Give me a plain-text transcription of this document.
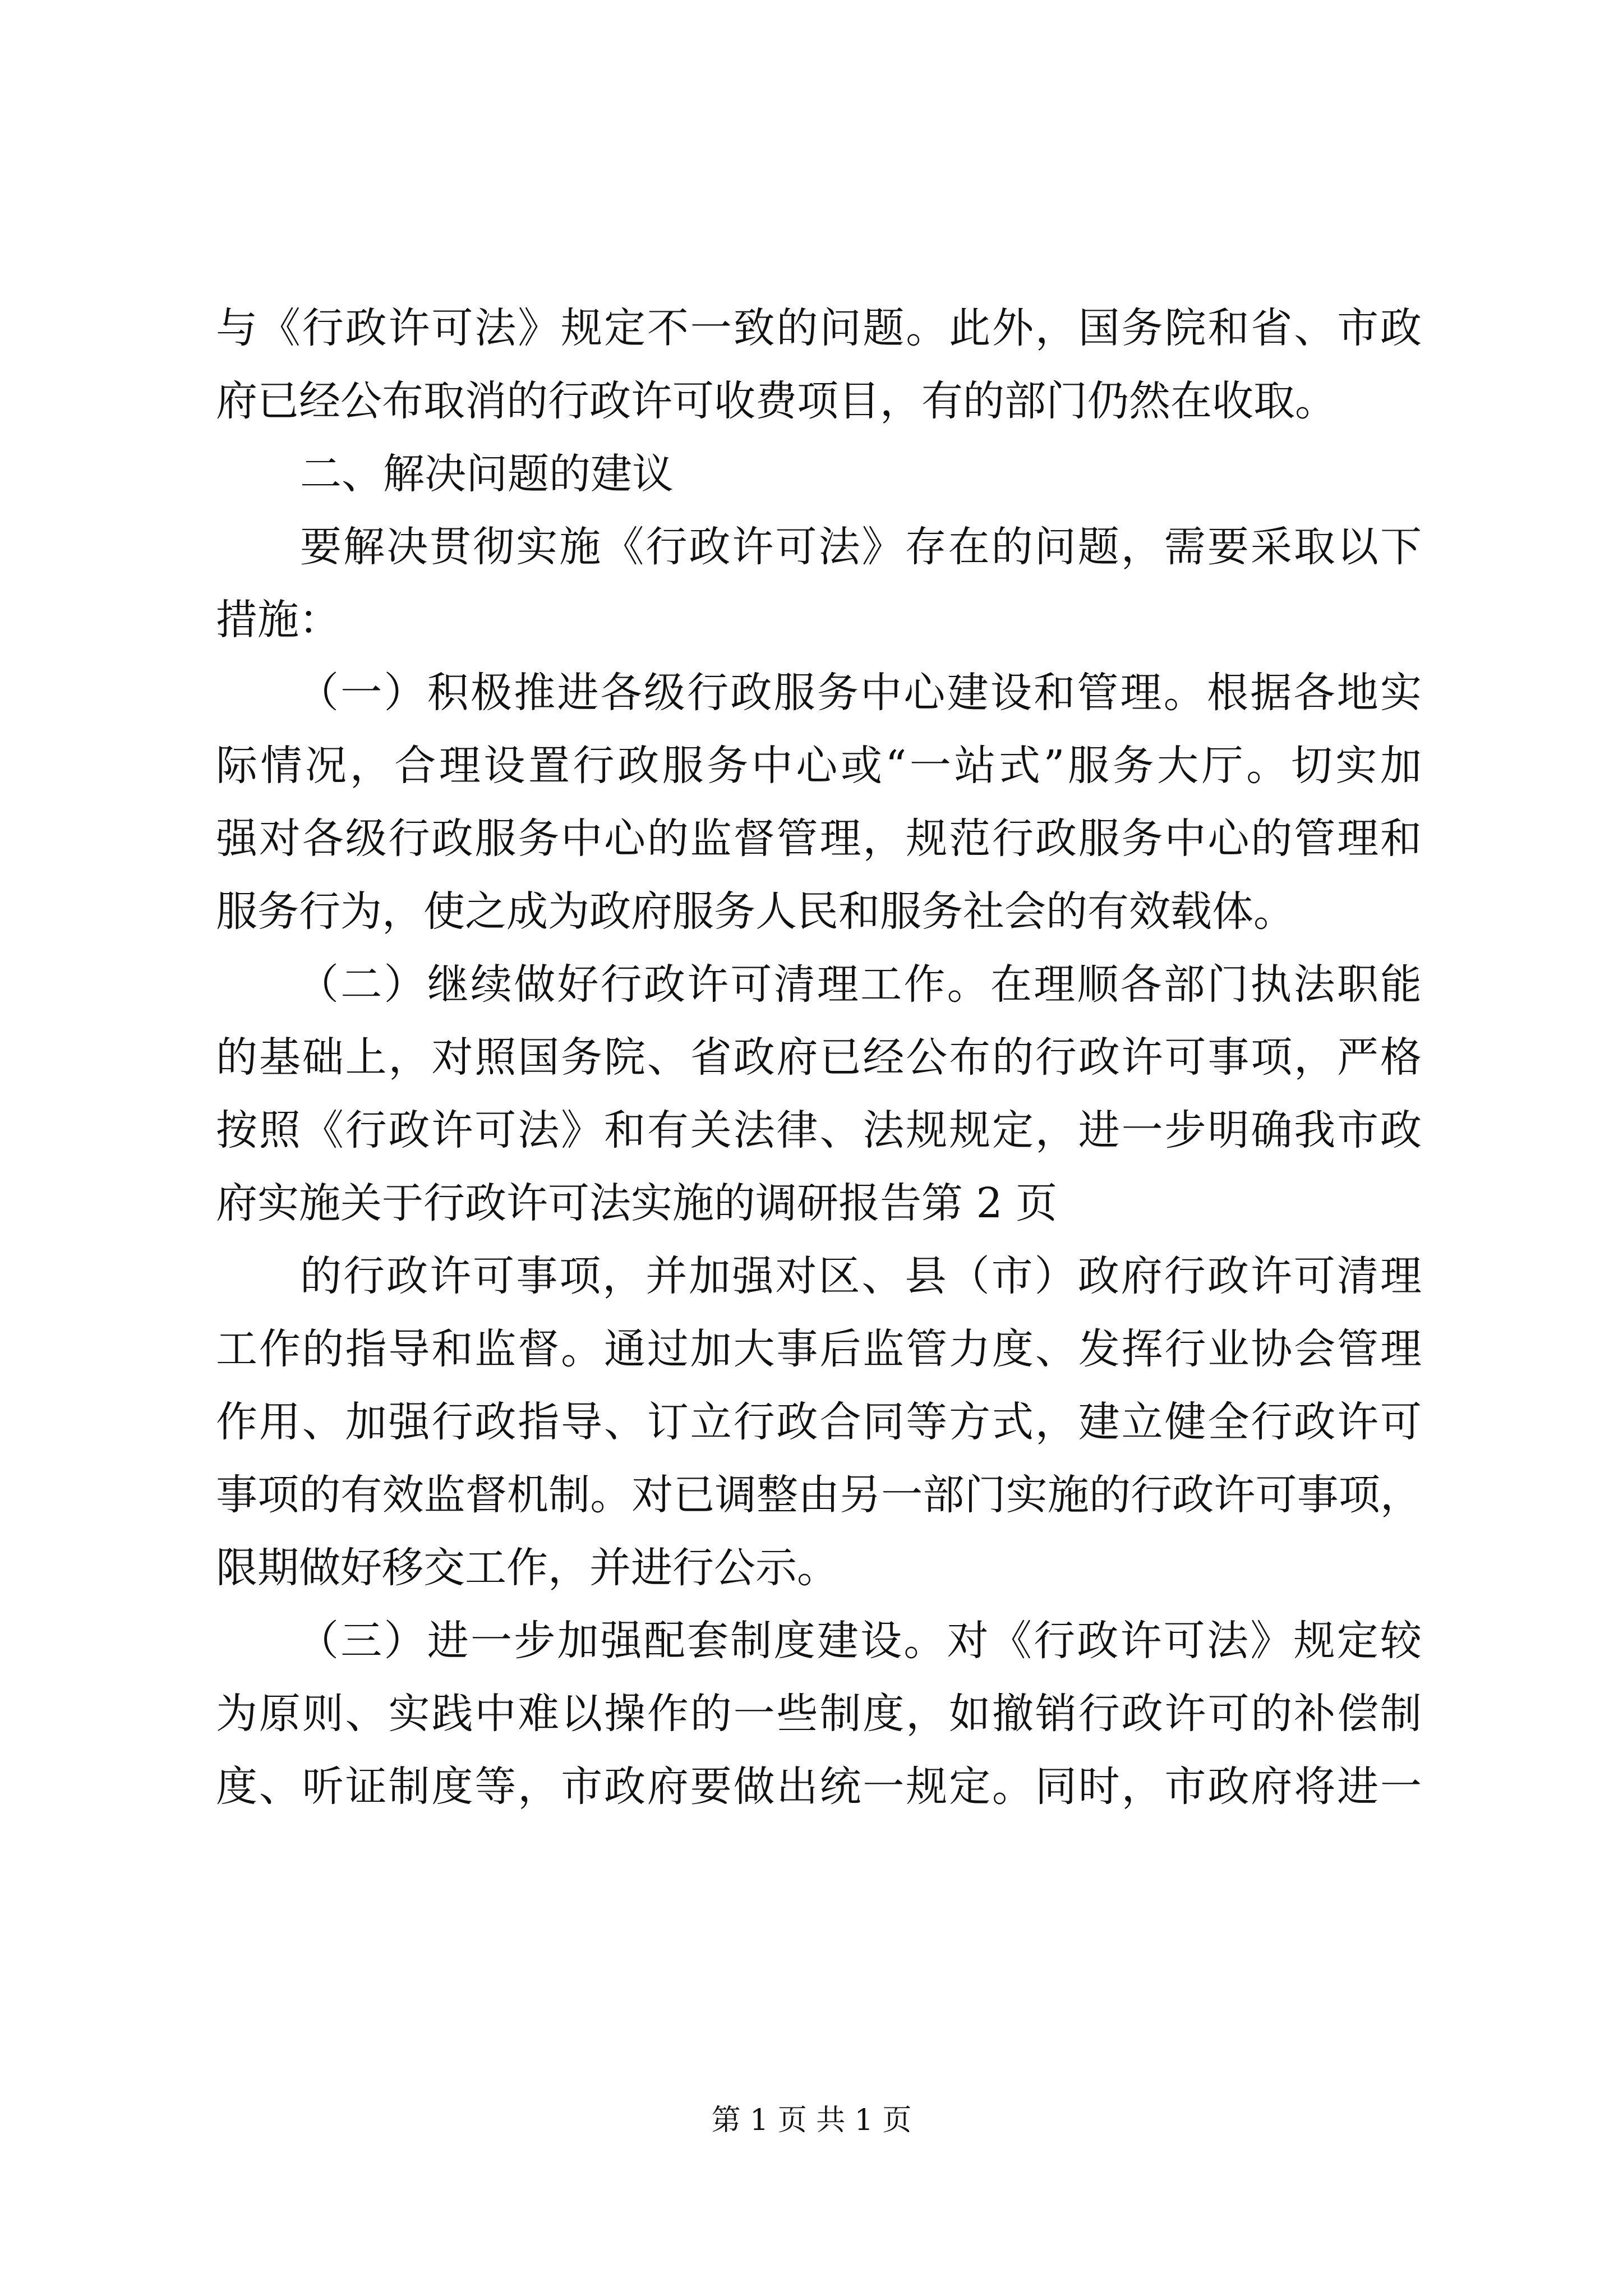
与《行政许可法》规定不一致的问题。此外，国务院和省、市政
府已经公布取消的行政许可收费项目，有的部门仍然在收取。
二、解决问题的建议
要解决贯彻实施《行政许可法》存在的问题，需要采取以下
措施：
（一）积极推进各级行政服务中心建设和管理。根据各地实
际情况，合理设置行政服务中心或“一站式”服务大厅。切实加
强对各级行政服务中心的监督管理，规范行政服务中心的管理和
服务行为，使之成为政府服务人民和服务社会的有效载体。
（二）继续做好行政许可清理工作。在理顺各部门执法职能
的基础上，对照国务院、省政府已经公布的行政许可事项，严格
按照《行政许可法》和有关法律、法规规定，进一步明确我市政
府实施关于行政许可法实施的调研报告第 2 页
的行政许可事项，并加强对区、县（市）政府行政许可清理
工作的指导和监督。通过加大事后监管力度、发挥行业协会管理
作用、加强行政指导、订立行政合同等方式，建立健全行政许可
事项的有效监督机制。对已调整由另一部门实施的行政许可事项，
限期做好移交工作，并进行公示。
（三）进一步加强配套制度建设。对《行政许可法》规定较
为原则、实践中难以操作的一些制度，如撤销行政许可的补偿制
度、听证制度等，市政府要做出统一规定。同时，市政府将进一
第 1 页 共 1 页
